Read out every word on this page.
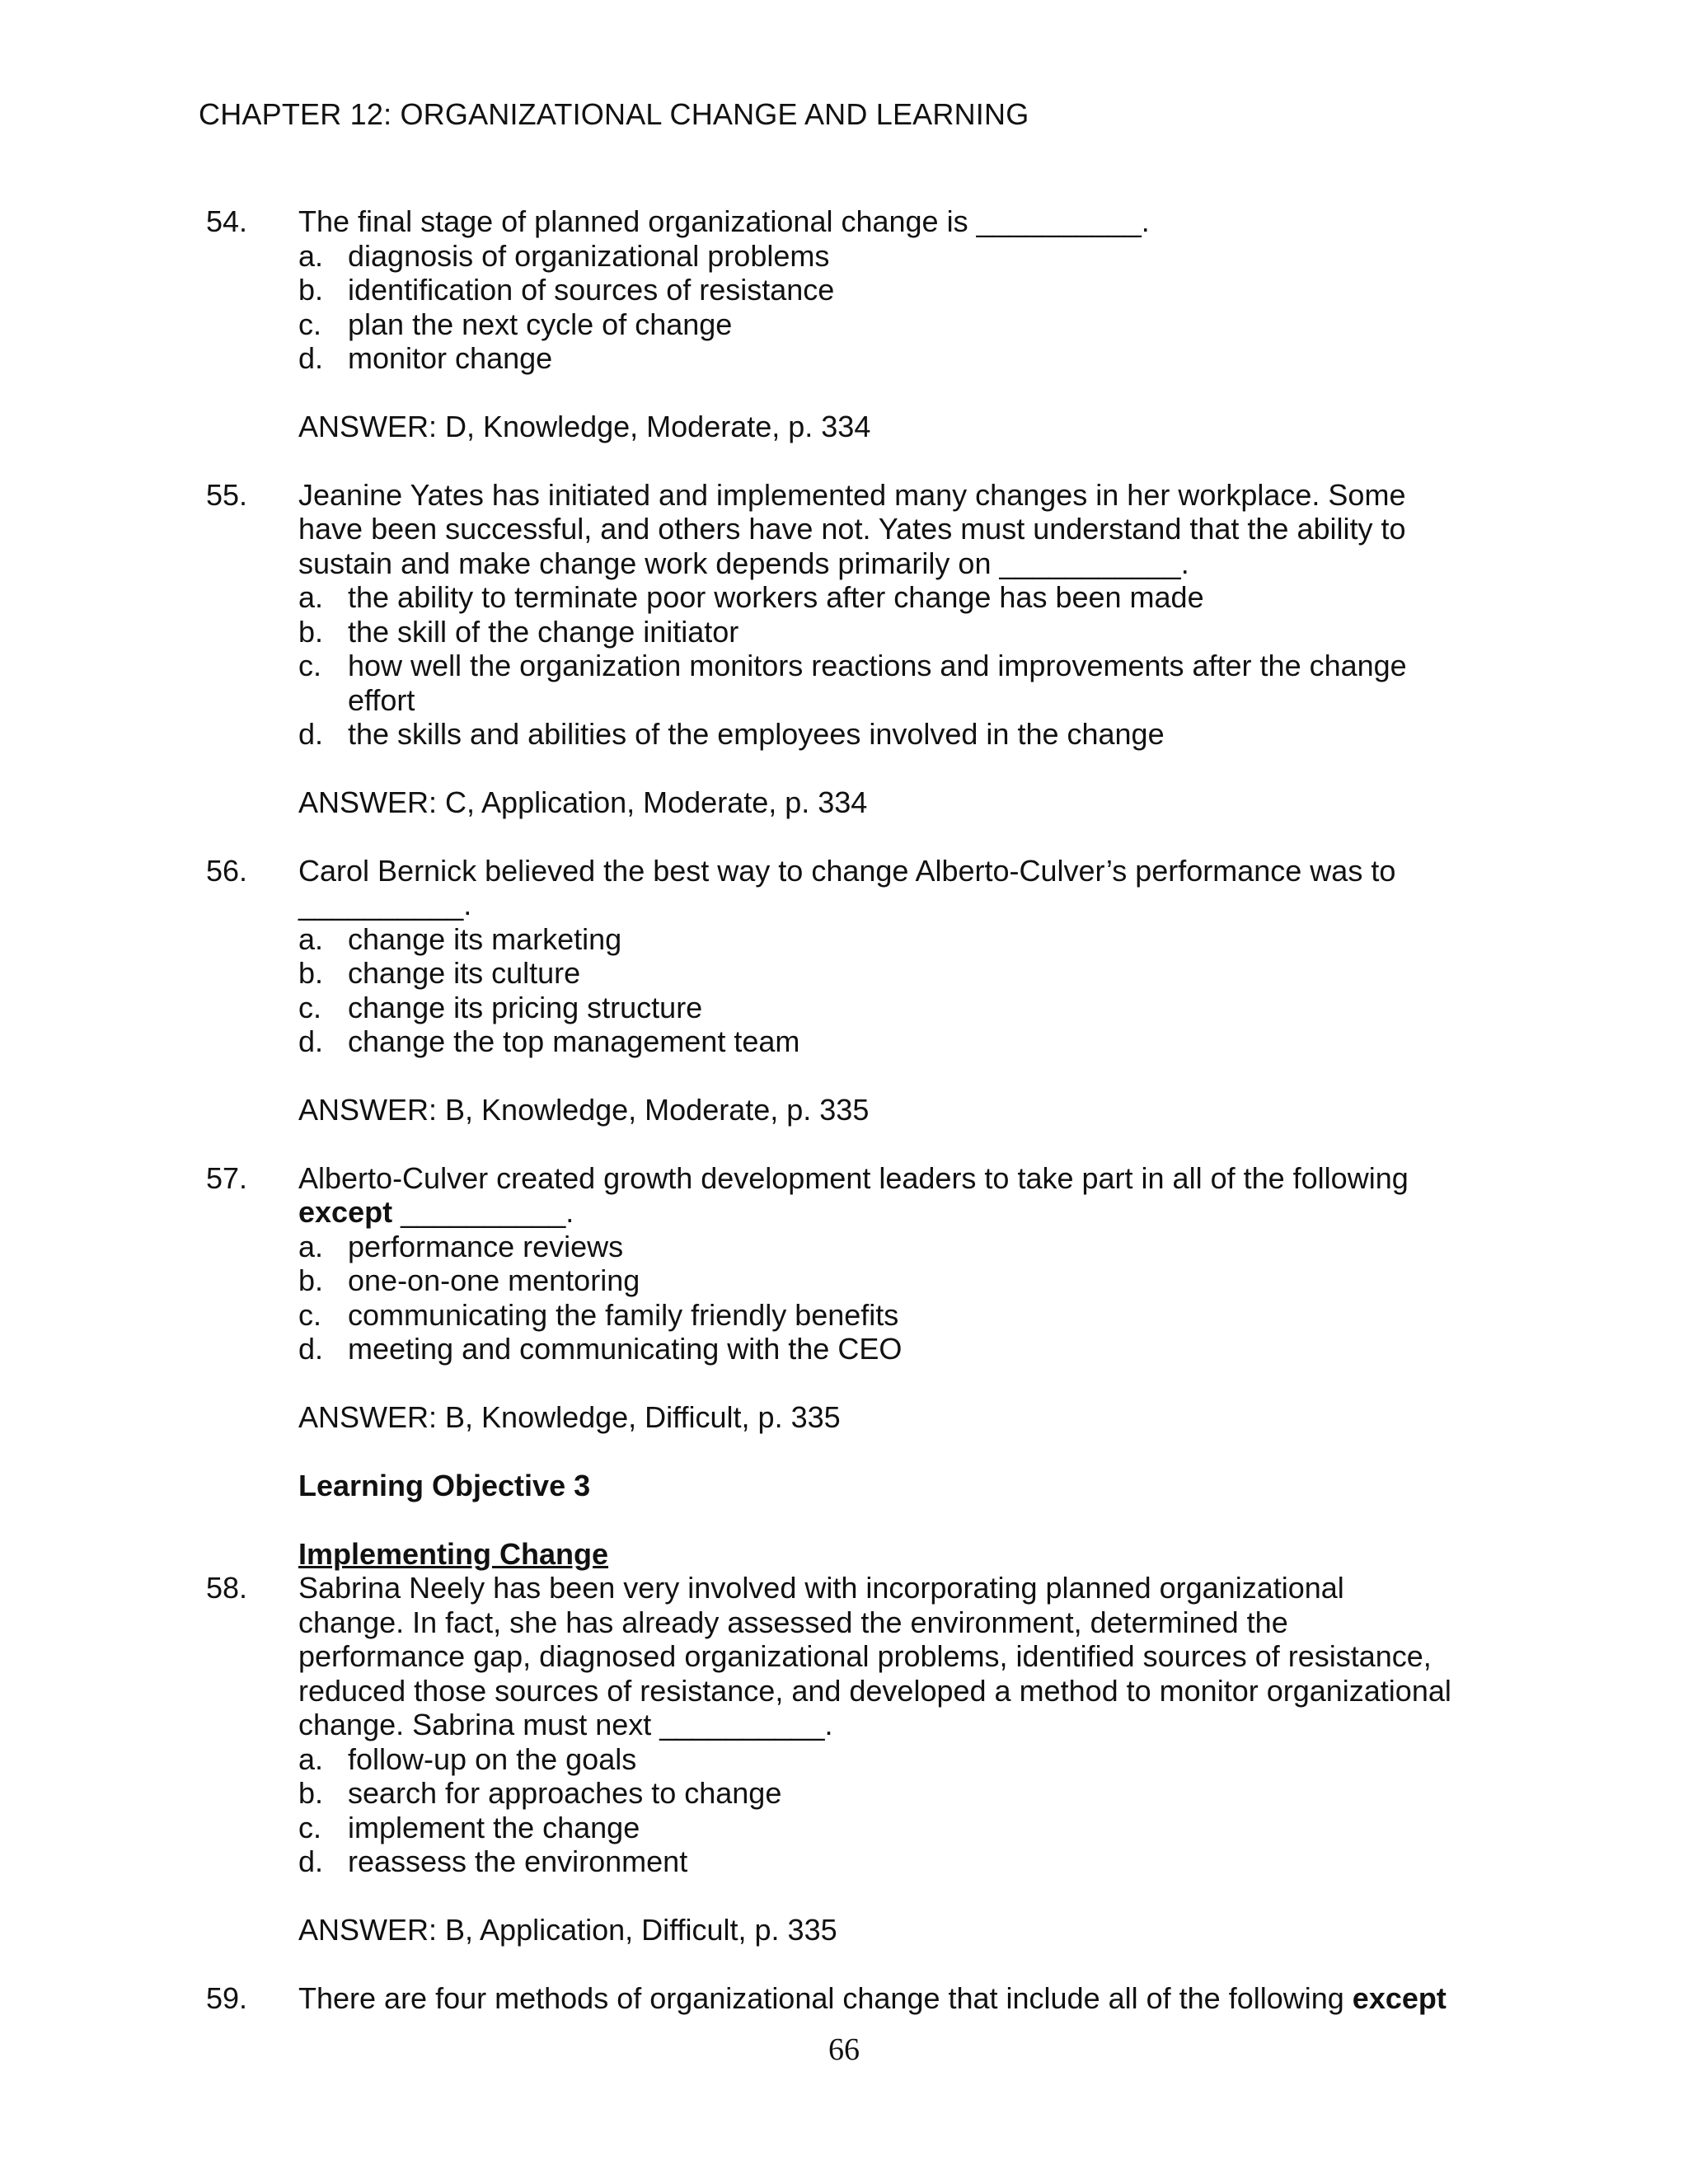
CHAPTER 12: ORGANIZATIONAL CHANGE AND LEARNING
54. The final stage of planned organizational change is __________.
a. diagnosis of organizational problems
b. identification of sources of resistance
c. plan the next cycle of change
d. monitor change
ANSWER: D, Knowledge, Moderate, p. 334
55. Jeanine Yates has initiated and implemented many changes in her workplace. Some
have been successful, and others have not. Yates must understand that the ability to
sustain and make change work depends primarily on ___________.
a. the ability to terminate poor workers after change has been made
b. the skill of the change initiator
c. how well the organization monitors reactions and improvements after the change
effort
d. the skills and abilities of the employees involved in the change
ANSWER: C, Application, Moderate, p. 334
56. Carol Bernick believed the best way to change Alberto-Culver’s performance was to
__________.
a. change its marketing
b. change its culture
c. change its pricing structure
d. change the top management team
ANSWER: B, Knowledge, Moderate, p. 335
57. Alberto-Culver created growth development leaders to take part in all of the following
except __________.
a. performance reviews
b. one-on-one mentoring
c. communicating the family friendly benefits
d. meeting and communicating with the CEO
ANSWER: B, Knowledge, Difficult, p. 335
Learning Objective 3
Implementing Change
58. Sabrina Neely has been very involved with incorporating planned organizational
change. In fact, she has already assessed the environment, determined the
performance gap, diagnosed organizational problems, identified sources of resistance,
reduced those sources of resistance, and developed a method to monitor organizational
change. Sabrina must next __________.
a. follow-up on the goals
b. search for approaches to change
c. implement the change
d. reassess the environment
ANSWER: B, Application, Difficult, p. 335
59. There are four methods of organizational change that include all of the following except
66
